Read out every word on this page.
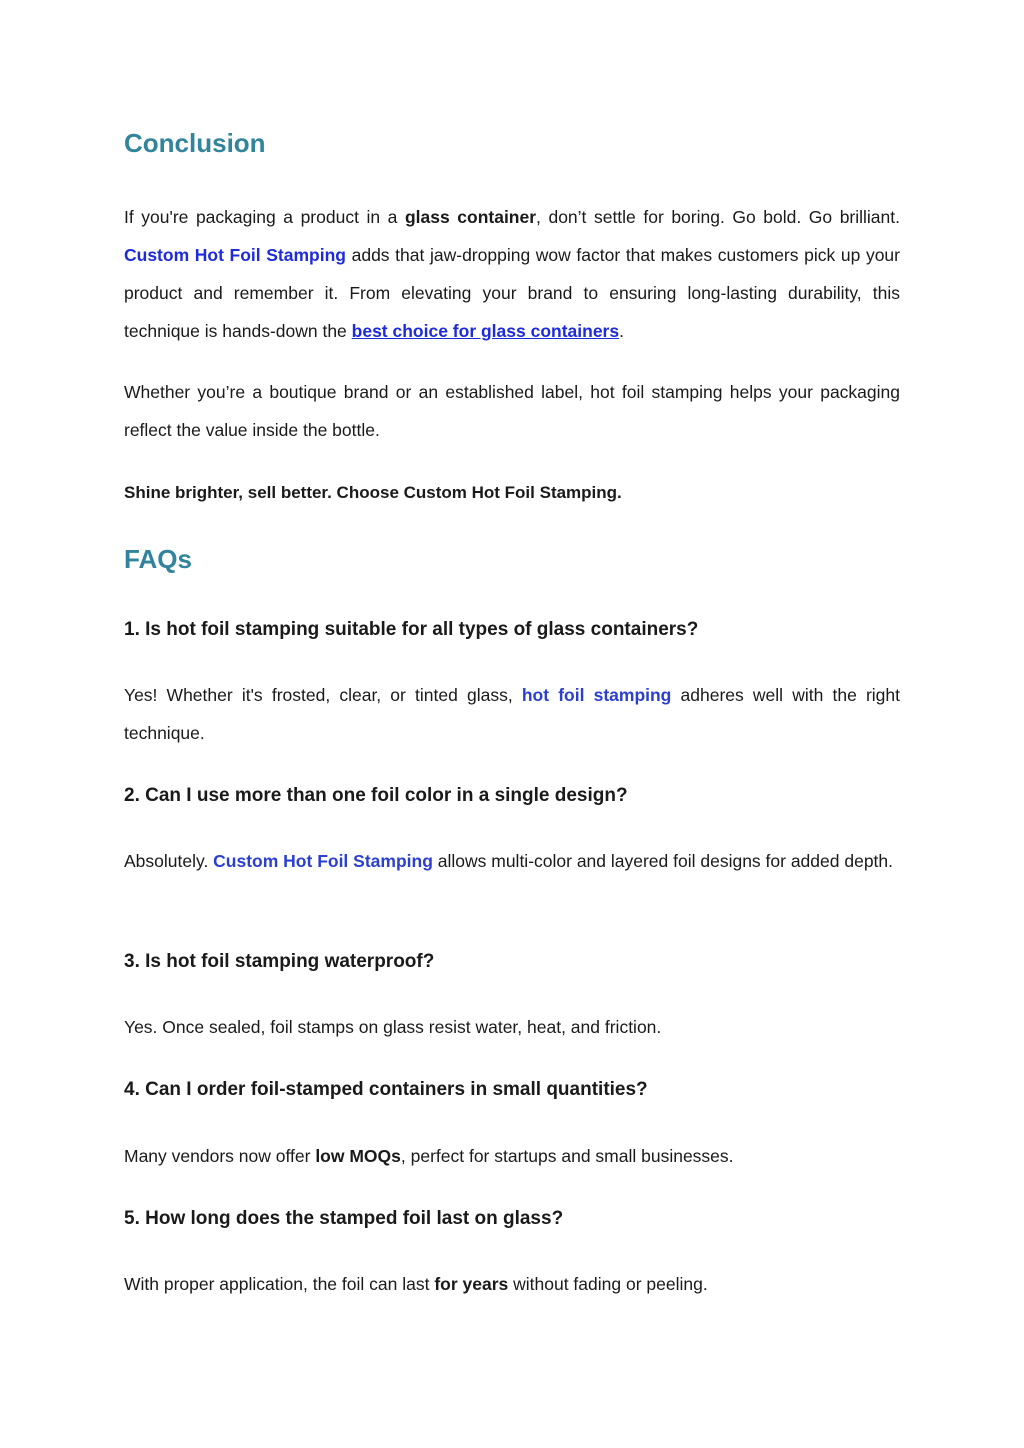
Conclusion

If you're packaging a product in a glass container, don’t settle for boring. Go bold. Go brilliant. Custom Hot Foil Stamping adds that jaw-dropping wow factor that makes customers pick up your product and remember it. From elevating your brand to ensuring long-lasting durability, this technique is hands-down the best choice for glass containers.

Whether you’re a boutique brand or an established label, hot foil stamping helps your packaging reflect the value inside the bottle.

Shine brighter, sell better. Choose Custom Hot Foil Stamping.
FAQs
1. Is hot foil stamping suitable for all types of glass containers?

Yes! Whether it's frosted, clear, or tinted glass, hot foil stamping adheres well with the right technique.

2. Can I use more than one foil color in a single design?

Absolutely. Custom Hot Foil Stamping allows multi-color and layered foil designs for added depth.

3. Is hot foil stamping waterproof?

Yes. Once sealed, foil stamps on glass resist water, heat, and friction.

4. Can I order foil-stamped containers in small quantities?

Many vendors now offer low MOQs, perfect for startups and small businesses.

5. How long does the stamped foil last on glass?

With proper application, the foil can last for years without fading or peeling.
